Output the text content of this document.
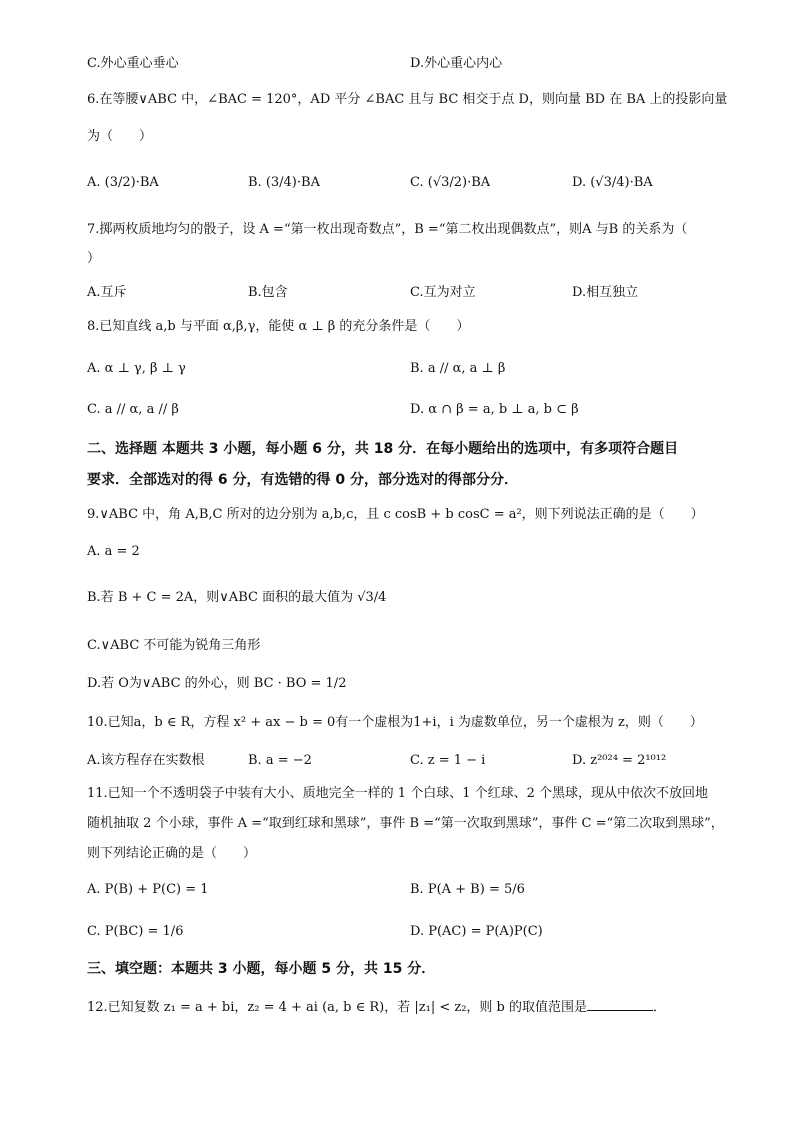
C.外心重心垂心	D.外心重心内心
6.在等腰∨ABC 中，∠BAC = 120°，AD 平分 ∠BAC 且与 BC 相交于点 D，则向量 BD 在 BA 上的投影向量
为（　　）
A. (3/2)·BA	B. (3/4)·BA	C. (√3/2)·BA	D. (√3/4)·BA
7.掷两枚质地均匀的骰子，设 A =“第一枚出现奇数点”，B =“第二枚出现偶数点”，则A 与B 的关系为（
）
A.互斥	B.包含	C.互为对立	D.相互独立
8.已知直线 a,b 与平面 α,β,γ，能使 α ⊥ β 的充分条件是（　　）
A. α ⊥ γ, β ⊥ γ	B. a // α, a ⊥ β
C. a // α, a // β	D. α ∩ β = a, b ⊥ a, b ⊂ β
二、选择题 本题共 3 小题，每小题 6 分，共 18 分．在每小题给出的选项中，有多项符合题目
要求．全部选对的得 6 分，有选错的得 0 分，部分选对的得部分分．
9.∨ABC 中，角 A,B,C 所对的边分别为 a,b,c，且 c cosB + b cosC = a²，则下列说法正确的是（　　）
A. a = 2
B.若 B + C = 2A，则∨ABC 面积的最大值为 √3/4
C.∨ABC 不可能为锐角三角形
D.若 O为∨ABC 的外心，则 BC · BO = 1/2
10.已知a，b ∈ R，方程 x² + ax − b = 0有一个虚根为1+i，i 为虚数单位，另一个虚根为 z，则（　　）
A.该方程存在实数根	B. a = −2	C. z = 1 − i	D. z²⁰²⁴ = 2¹⁰¹²
11.已知一个不透明袋子中装有大小、质地完全一样的 1 个白球、1 个红球、2 个黑球，现从中依次不放回地
随机抽取 2 个小球，事件 A =“取到红球和黑球”，事件 B =“第一次取到黑球”，事件 C =“第二次取到黑球”，
则下列结论正确的是（　　）
A. P(B) + P(C) = 1	B. P(A + B) = 5/6
C. P(BC) = 1/6	D. P(AC) = P(A)P(C)
三、填空题：本题共 3 小题，每小题 5 分，共 15 分．
12.已知复数 z₁ = a + bi，z₂ = 4 + ai (a, b ∈ R)，若 |z₁| < z₂，则 b 的取值范围是	．
